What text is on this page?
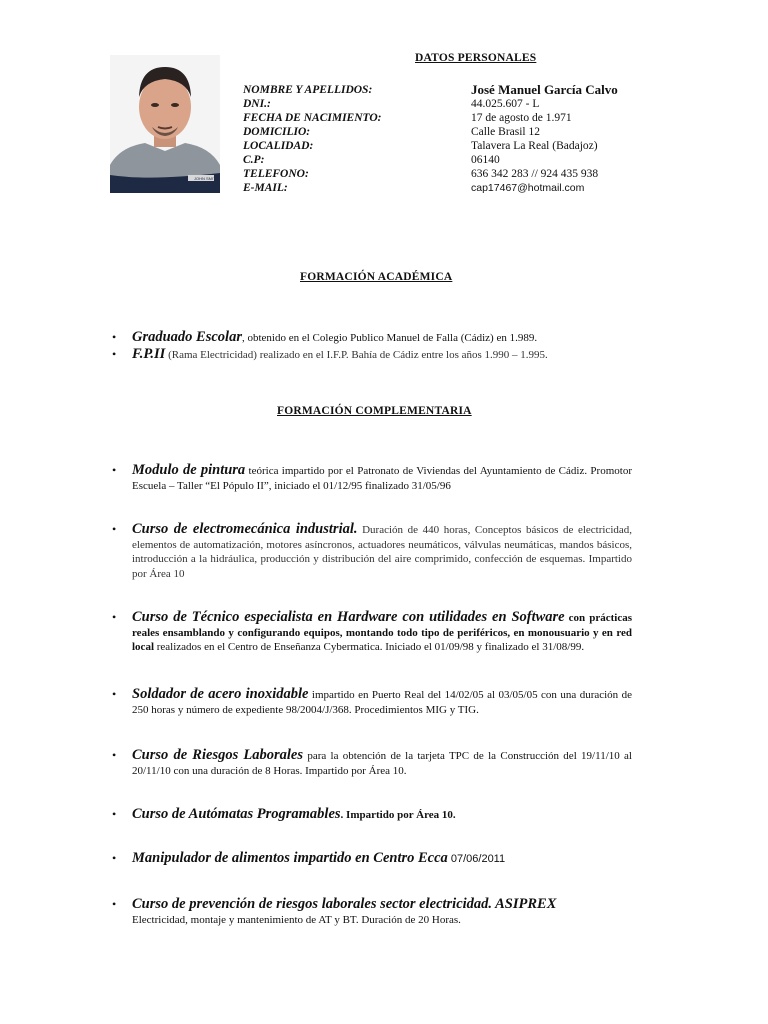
DATOS PERSONALES
JOHN SMITH
NOMBRE Y APELLIDOS:
DNI.:
FECHA DE NACIMIENTO:
DOMICILIO:
LOCALIDAD:
C.P:
TELEFONO:
E-MAIL:
José Manuel García Calvo
44.025.607 - L
17 de agosto de 1.971
Calle Brasil 12
Talavera La Real (Badajoz)
06140
636 342 283 // 924 435 938
cap17467@hotmail.com
FORMACIÓN ACADÉMICA
• Graduado Escolar, obtenido en el Colegio Publico Manuel de Falla (Cádiz) en 1.989.
• F.P.II (Rama Electricidad) realizado en el I.F.P. Bahía de Cádiz entre los años 1.990 – 1.995.
FORMACIÓN COMPLEMENTARIA
• Modulo de pintura teórica impartido por el Patronato de Viviendas del Ayuntamiento de Cádiz. Promotor Escuela – Taller “El Pópulo II”, iniciado el 01/12/95 finalizado 31/05/96
• Curso de electromecánica industrial. Duración de 440 horas, Conceptos básicos de electricidad, elementos de automatización, motores asíncronos, actuadores neumáticos, válvulas neumáticas, mandos básicos, introducción a la hidráulica, producción y distribución del aire comprimido, confección de esquemas. Impartido por Área 10
• Curso de Técnico especialista en Hardware con utilidades en Software con prácticas reales ensamblando y configurando equipos, montando todo tipo de periféricos, en monousuario y en red local realizados en el Centro de Enseñanza Cybermatica. Iniciado el 01/09/98 y finalizado el 31/08/99.
• Soldador de acero inoxidable impartido en Puerto Real del 14/02/05 al 03/05/05 con una duración de 250 horas y número de expediente 98/2004/J/368. Procedimientos MIG y TIG.
• Curso de Riesgos Laborales para la obtención de la tarjeta TPC de la Construcción del 19/11/10 al 20/11/10 con una duración de 8 Horas. Impartido por Área 10.
• Curso de Autómatas Programables. Impartido por Área 10.
• Manipulador de alimentos impartido en Centro Ecca 07/06/2011
• Curso de prevención de riesgos laborales sector electricidad. ASIPREX
Electricidad, montaje y mantenimiento de AT y BT. Duración de 20 Horas.
